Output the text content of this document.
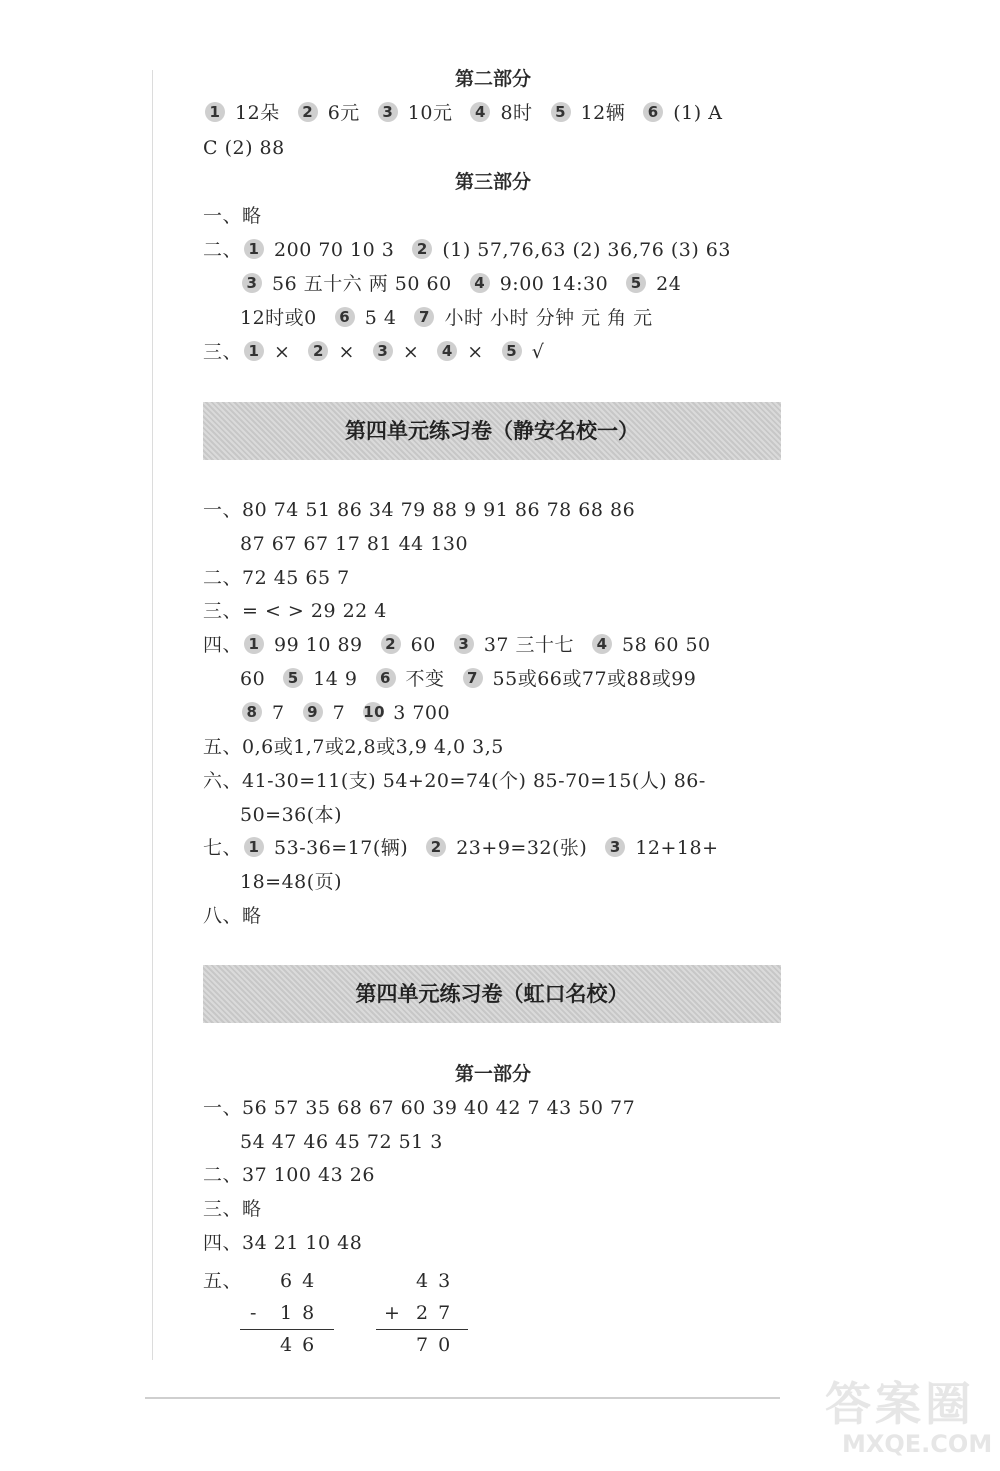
第二部分
1 12朵 2 6元 3 10元 4 8时 5 12辆 6 (1) A
C (2) 88
第三部分
一、略
二、 1 200 70 10 3 2 (1) 57,76,63 (2) 36,76 (3) 63
3 56 五十六 两 50 60 4 9:00 14:30 5 24
12时或0 6 5 4 7 小时 小时 分钟 元 角 元
三、 1 × 2 × 3 × 4 × 5 √
第四单元练习卷（静安名校一）
一、80 74 51 86 34 79 88 9 91 86 78 68 86
87 67 67 17 81 44 130
二、72 45 65 7
三、= < > 29 22 4
四、 1 99 10 89 2 60 3 37 三十七 4 58 60 50
60 5 14 9 6 不变 7 55或66或77或88或99
8 7 9 7 10 3 700
五、0,6或1,7或2,8或3,9 4,0 3,5
六、41-30=11(支) 54+20=74(个) 85-70=15(人) 86-
50=36(本)
七、 1 53-36=17(辆) 2 23+9=32(张) 3 12+18+
18=48(页)
八、略
第四单元练习卷（虹口名校）
第一部分
一、56 57 35 68 67 60 39 40 42 7 43 50 77
54 47 46 45 72 51 3
二、37 100 43 26
三、略
四、34 21 10 48
五、 64
- 18
46
43
+ 27
70
答案圈
MXQE.COM
